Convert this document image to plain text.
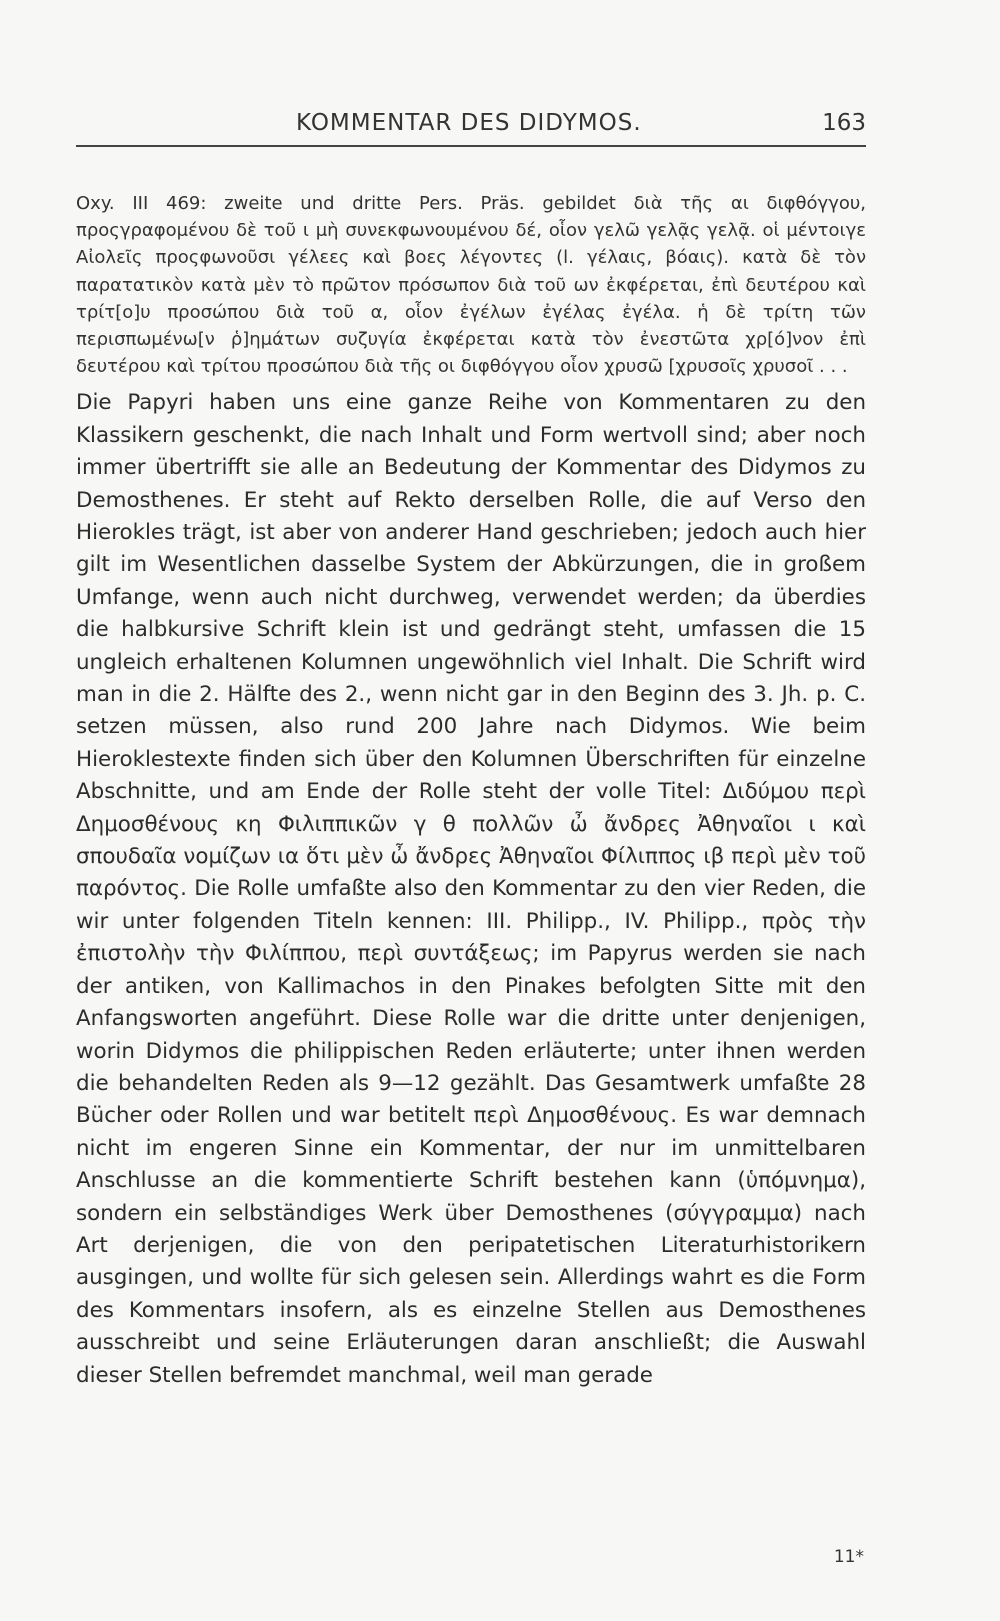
KOMMENTAR DES DIDYMOS.	163

Oxy. III 469: zweite und dritte Pers. Präs. gebildet διὰ τῆς αι διφθόγγου, προςγραφομένου δὲ τοῦ ι μὴ συνεκφωνουμένου δέ, οἷον γελῶ γελᾷς γελᾷ. οἱ μέντοιγε Αἰολεῖς προςφωνοῦσι γέλεες καὶ βοες λέγοντες (l. γέλαις, βόαις). κατὰ δὲ τὸν παρατατικὸν κατὰ μὲν τὸ πρῶτον πρόσωπον διὰ τοῦ ων ἐκφέρεται, ἐπὶ δευτέρου καὶ τρίτ[ο]υ προσώπου διὰ τοῦ α, οἷον ἐγέλων ἐγέλας ἐγέλα. ἡ δὲ τρίτη τῶν περισπωμένω[ν ῥ]ημάτων συζυγία ἐκφέρεται κατὰ τὸν ἐνεστῶτα χρ[ό]νον ἐπὶ δευτέρου καὶ τρίτου προσώπου διὰ τῆς οι διφθόγγου οἷον χρυσῶ [χρυσοῖς χρυσοῖ . . .

Die Papyri haben uns eine ganze Reihe von Kommentaren zu den Klassikern geschenkt, die nach Inhalt und Form wertvoll sind; aber noch immer übertrifft sie alle an Bedeutung der Kommentar des Didymos zu Demosthenes. Er steht auf Rekto derselben Rolle, die auf Verso den Hierokles trägt, ist aber von anderer Hand geschrieben; jedoch auch hier gilt im Wesentlichen dasselbe System der Abkürzungen, die in großem Umfange, wenn auch nicht durchweg, verwendet werden; da überdies die halbkursive Schrift klein ist und gedrängt steht, umfassen die 15 ungleich erhaltenen Kolumnen ungewöhnlich viel Inhalt. Die Schrift wird man in die 2. Hälfte des 2., wenn nicht gar in den Beginn des 3. Jh. p. C. setzen müssen, also rund 200 Jahre nach Didymos. Wie beim Hieroklestexte finden sich über den Kolumnen Überschriften für einzelne Abschnitte, und am Ende der Rolle steht der volle Titel: Διδύμου περὶ Δημοσθένους κη Φιλιππικῶν γ θ πολλῶν ὦ ἄνδρες Ἀθηναῖοι ι καὶ σπουδαῖα νομίζων ια ὅτι μὲν ὦ ἄνδρες Ἀθηναῖοι Φίλιππος ιβ περὶ μὲν τοῦ παρόντος. Die Rolle umfaßte also den Kommentar zu den vier Reden, die wir unter folgenden Titeln kennen: III. Philipp., IV. Philipp., πρὸς τὴν ἐπιστολὴν τὴν Φιλίππου, περὶ συντάξεως; im Papyrus werden sie nach der antiken, von Kallimachos in den Pinakes befolgten Sitte mit den Anfangsworten angeführt. Diese Rolle war die dritte unter denjenigen, worin Didymos die philippischen Reden erläuterte; unter ihnen werden die behandelten Reden als 9—12 gezählt. Das Gesamtwerk umfaßte 28 Bücher oder Rollen und war betitelt περὶ Δημοσθένους. Es war demnach nicht im engeren Sinne ein Kommentar, der nur im unmittelbaren Anschlusse an die kommentierte Schrift bestehen kann (ὑπόμνημα), sondern ein selbständiges Werk über Demosthenes (σύγγραμμα) nach Art derjenigen, die von den peripatetischen Literaturhistorikern ausgingen, und wollte für sich gelesen sein. Allerdings wahrt es die Form des Kommentars insofern, als es einzelne Stellen aus Demosthenes ausschreibt und seine Erläuterungen daran anschließt; die Auswahl dieser Stellen befremdet manchmal, weil man gerade

11*
